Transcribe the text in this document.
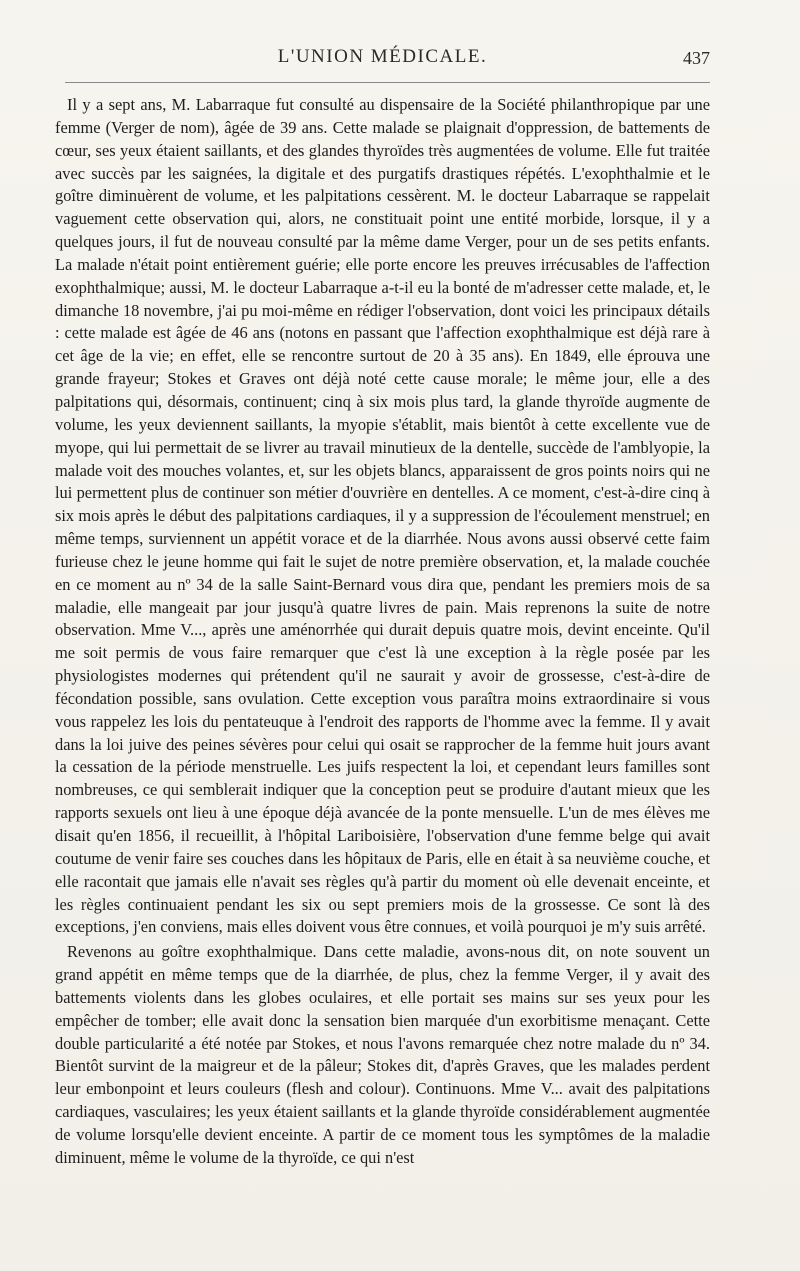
L'UNION MÉDICALE.	437

Il y a sept ans, M. Labarraque fut consulté au dispensaire de la Société philanthropique par une femme (Verger de nom), âgée de 39 ans. Cette malade se plaignait d'oppression, de battements de cœur, ses yeux étaient saillants, et des glandes thyroïdes très augmentées de volume. Elle fut traitée avec succès par les saignées, la digitale et des purgatifs drastiques répétés. L'exophthalmie et le goître diminuèrent de volume, et les palpitations cessèrent. M. le docteur Labarraque se rappelait vaguement cette observation qui, alors, ne constituait point une entité morbide, lorsque, il y a quelques jours, il fut de nouveau consulté par la même dame Verger, pour un de ses petits enfants. La malade n'était point entièrement guérie; elle porte encore les preuves irrécusables de l'affection exophthalmique; aussi, M. le docteur Labarraque a-t-il eu la bonté de m'adresser cette malade, et, le dimanche 18 novembre, j'ai pu moi-même en rédiger l'observation, dont voici les principaux détails : cette malade est âgée de 46 ans (notons en passant que l'affection exophthalmique est déjà rare à cet âge de la vie; en effet, elle se rencontre surtout de 20 à 35 ans). En 1849, elle éprouva une grande frayeur; Stokes et Graves ont déjà noté cette cause morale; le même jour, elle a des palpitations qui, désormais, continuent; cinq à six mois plus tard, la glande thyroïde augmente de volume, les yeux deviennent saillants, la myopie s'établit, mais bientôt à cette excellente vue de myope, qui lui permettait de se livrer au travail minutieux de la dentelle, succède de l'amblyopie, la malade voit des mouches volantes, et, sur les objets blancs, apparaissent de gros points noirs qui ne lui permettent plus de continuer son métier d'ouvrière en dentelles. A ce moment, c'est-à-dire cinq à six mois après le début des palpitations cardiaques, il y a suppression de l'écoulement menstruel; en même temps, surviennent un appétit vorace et de la diarrhée. Nous avons aussi observé cette faim furieuse chez le jeune homme qui fait le sujet de notre première observation, et, la malade couchée en ce moment au nº 34 de la salle Saint-Bernard vous dira que, pendant les premiers mois de sa maladie, elle mangeait par jour jusqu'à quatre livres de pain. Mais reprenons la suite de notre observation. Mme V..., après une aménorrhée qui durait depuis quatre mois, devint enceinte. Qu'il me soit permis de vous faire remarquer que c'est là une exception à la règle posée par les physiologistes modernes qui prétendent qu'il ne saurait y avoir de grossesse, c'est-à-dire de fécondation possible, sans ovulation. Cette exception vous paraîtra moins extraordinaire si vous vous rappelez les lois du pentateuque à l'endroit des rapports de l'homme avec la femme. Il y avait dans la loi juive des peines sévères pour celui qui osait se rapprocher de la femme huit jours avant la cessation de la période menstruelle. Les juifs respectent la loi, et cependant leurs familles sont nombreuses, ce qui semblerait indiquer que la conception peut se produire d'autant mieux que les rapports sexuels ont lieu à une époque déjà avancée de la ponte mensuelle. L'un de mes élèves me disait qu'en 1856, il recueillit, à l'hôpital Lariboisière, l'observation d'une femme belge qui avait coutume de venir faire ses couches dans les hôpitaux de Paris, elle en était à sa neuvième couche, et elle racontait que jamais elle n'avait ses règles qu'à partir du moment où elle devenait enceinte, et les règles continuaient pendant les six ou sept premiers mois de la grossesse. Ce sont là des exceptions, j'en conviens, mais elles doivent vous être connues, et voilà pourquoi je m'y suis arrêté.

Revenons au goître exophthalmique. Dans cette maladie, avons-nous dit, on note souvent un grand appétit en même temps que de la diarrhée, de plus, chez la femme Verger, il y avait des battements violents dans les globes oculaires, et elle portait ses mains sur ses yeux pour les empêcher de tomber; elle avait donc la sensation bien marquée d'un exorbitisme menaçant. Cette double particularité a été notée par Stokes, et nous l'avons remarquée chez notre malade du nº 34. Bientôt survint de la maigreur et de la pâleur; Stokes dit, d'après Graves, que les malades perdent leur embonpoint et leurs couleurs (flesh and colour). Continuons. Mme V... avait des palpitations cardiaques, vasculaires; les yeux étaient saillants et la glande thyroïde considérablement augmentée de volume lorsqu'elle devient enceinte. A partir de ce moment tous les symptômes de la maladie diminuent, même le volume de la thyroïde, ce qui n'est
